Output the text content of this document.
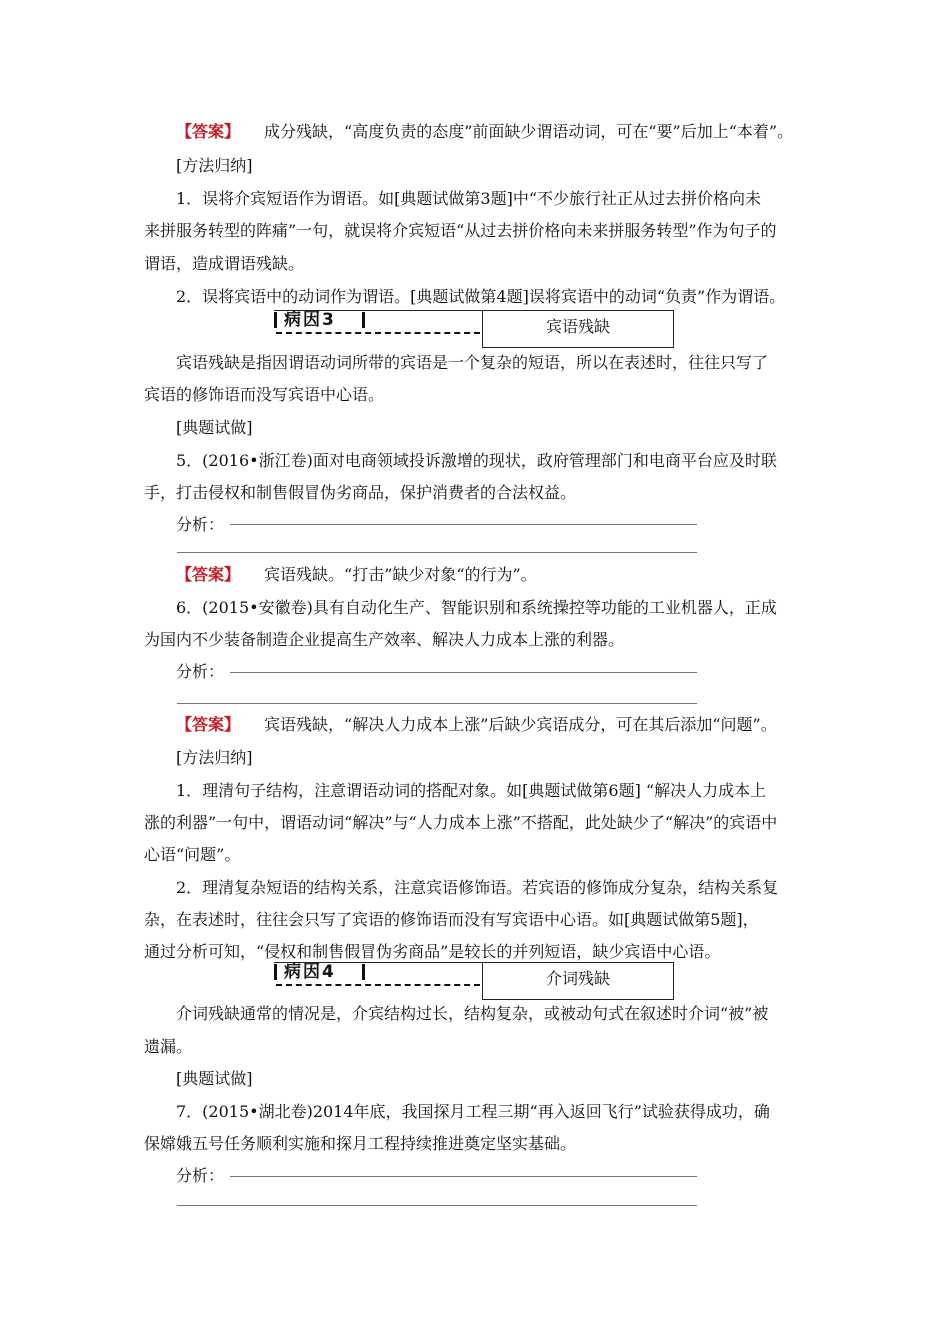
【答案】 成分残缺，“高度负责的态度”前面缺少谓语动词，可在“要”后加上“本着”。
[方法归纳]
1．误将介宾短语作为谓语。如[典题试做第3题]中“不少旅行社正从过去拼价格向未
来拼服务转型的阵痛”一句，就误将介宾短语“从过去拼价格向未来拼服务转型”作为句子的
谓语，造成谓语残缺。
2．误将宾语中的动词作为谓语。[典题试做第4题]误将宾语中的动词“负责”作为谓语。
病因3	宾语残缺
宾语残缺是指因谓语动词所带的宾语是一个复杂的短语，所以在表述时，往往只写了
宾语的修饰语而没写宾语中心语。
[典题试做]
5．(2016•浙江卷)面对电商领域投诉激增的现状，政府管理部门和电商平台应及时联
手，打击侵权和制售假冒伪劣商品，保护消费者的合法权益。
分析：
【答案】 宾语残缺。“打击”缺少对象“的行为”。
6．(2015•安徽卷)具有自动化生产、智能识别和系统操控等功能的工业机器人，正成
为国内不少装备制造企业提高生产效率、解决人力成本上涨的利器。
分析：
【答案】 宾语残缺，“解决人力成本上涨”后缺少宾语成分，可在其后添加“问题”。
[方法归纳]
1．理清句子结构，注意谓语动词的搭配对象。如[典题试做第6题] “解决人力成本上
涨的利器”一句中，谓语动词“解决”与“人力成本上涨”不搭配，此处缺少了“解决”的宾语中
心语“问题”。
2．理清复杂短语的结构关系，注意宾语修饰语。若宾语的修饰成分复杂，结构关系复
杂，在表述时，往往会只写了宾语的修饰语而没有写宾语中心语。如[典题试做第5题]，
通过分析可知，“侵权和制售假冒伪劣商品”是较长的并列短语，缺少宾语中心语。
病因4	介词残缺
介词残缺通常的情况是，介宾结构过长，结构复杂，或被动句式在叙述时介词“被”被
遗漏。
[典题试做]
7．(2015•湖北卷)2014年底，我国探月工程三期“再入返回飞行”试验获得成功，确
保嫦娥五号任务顺利实施和探月工程持续推进奠定坚实基础。
分析：
